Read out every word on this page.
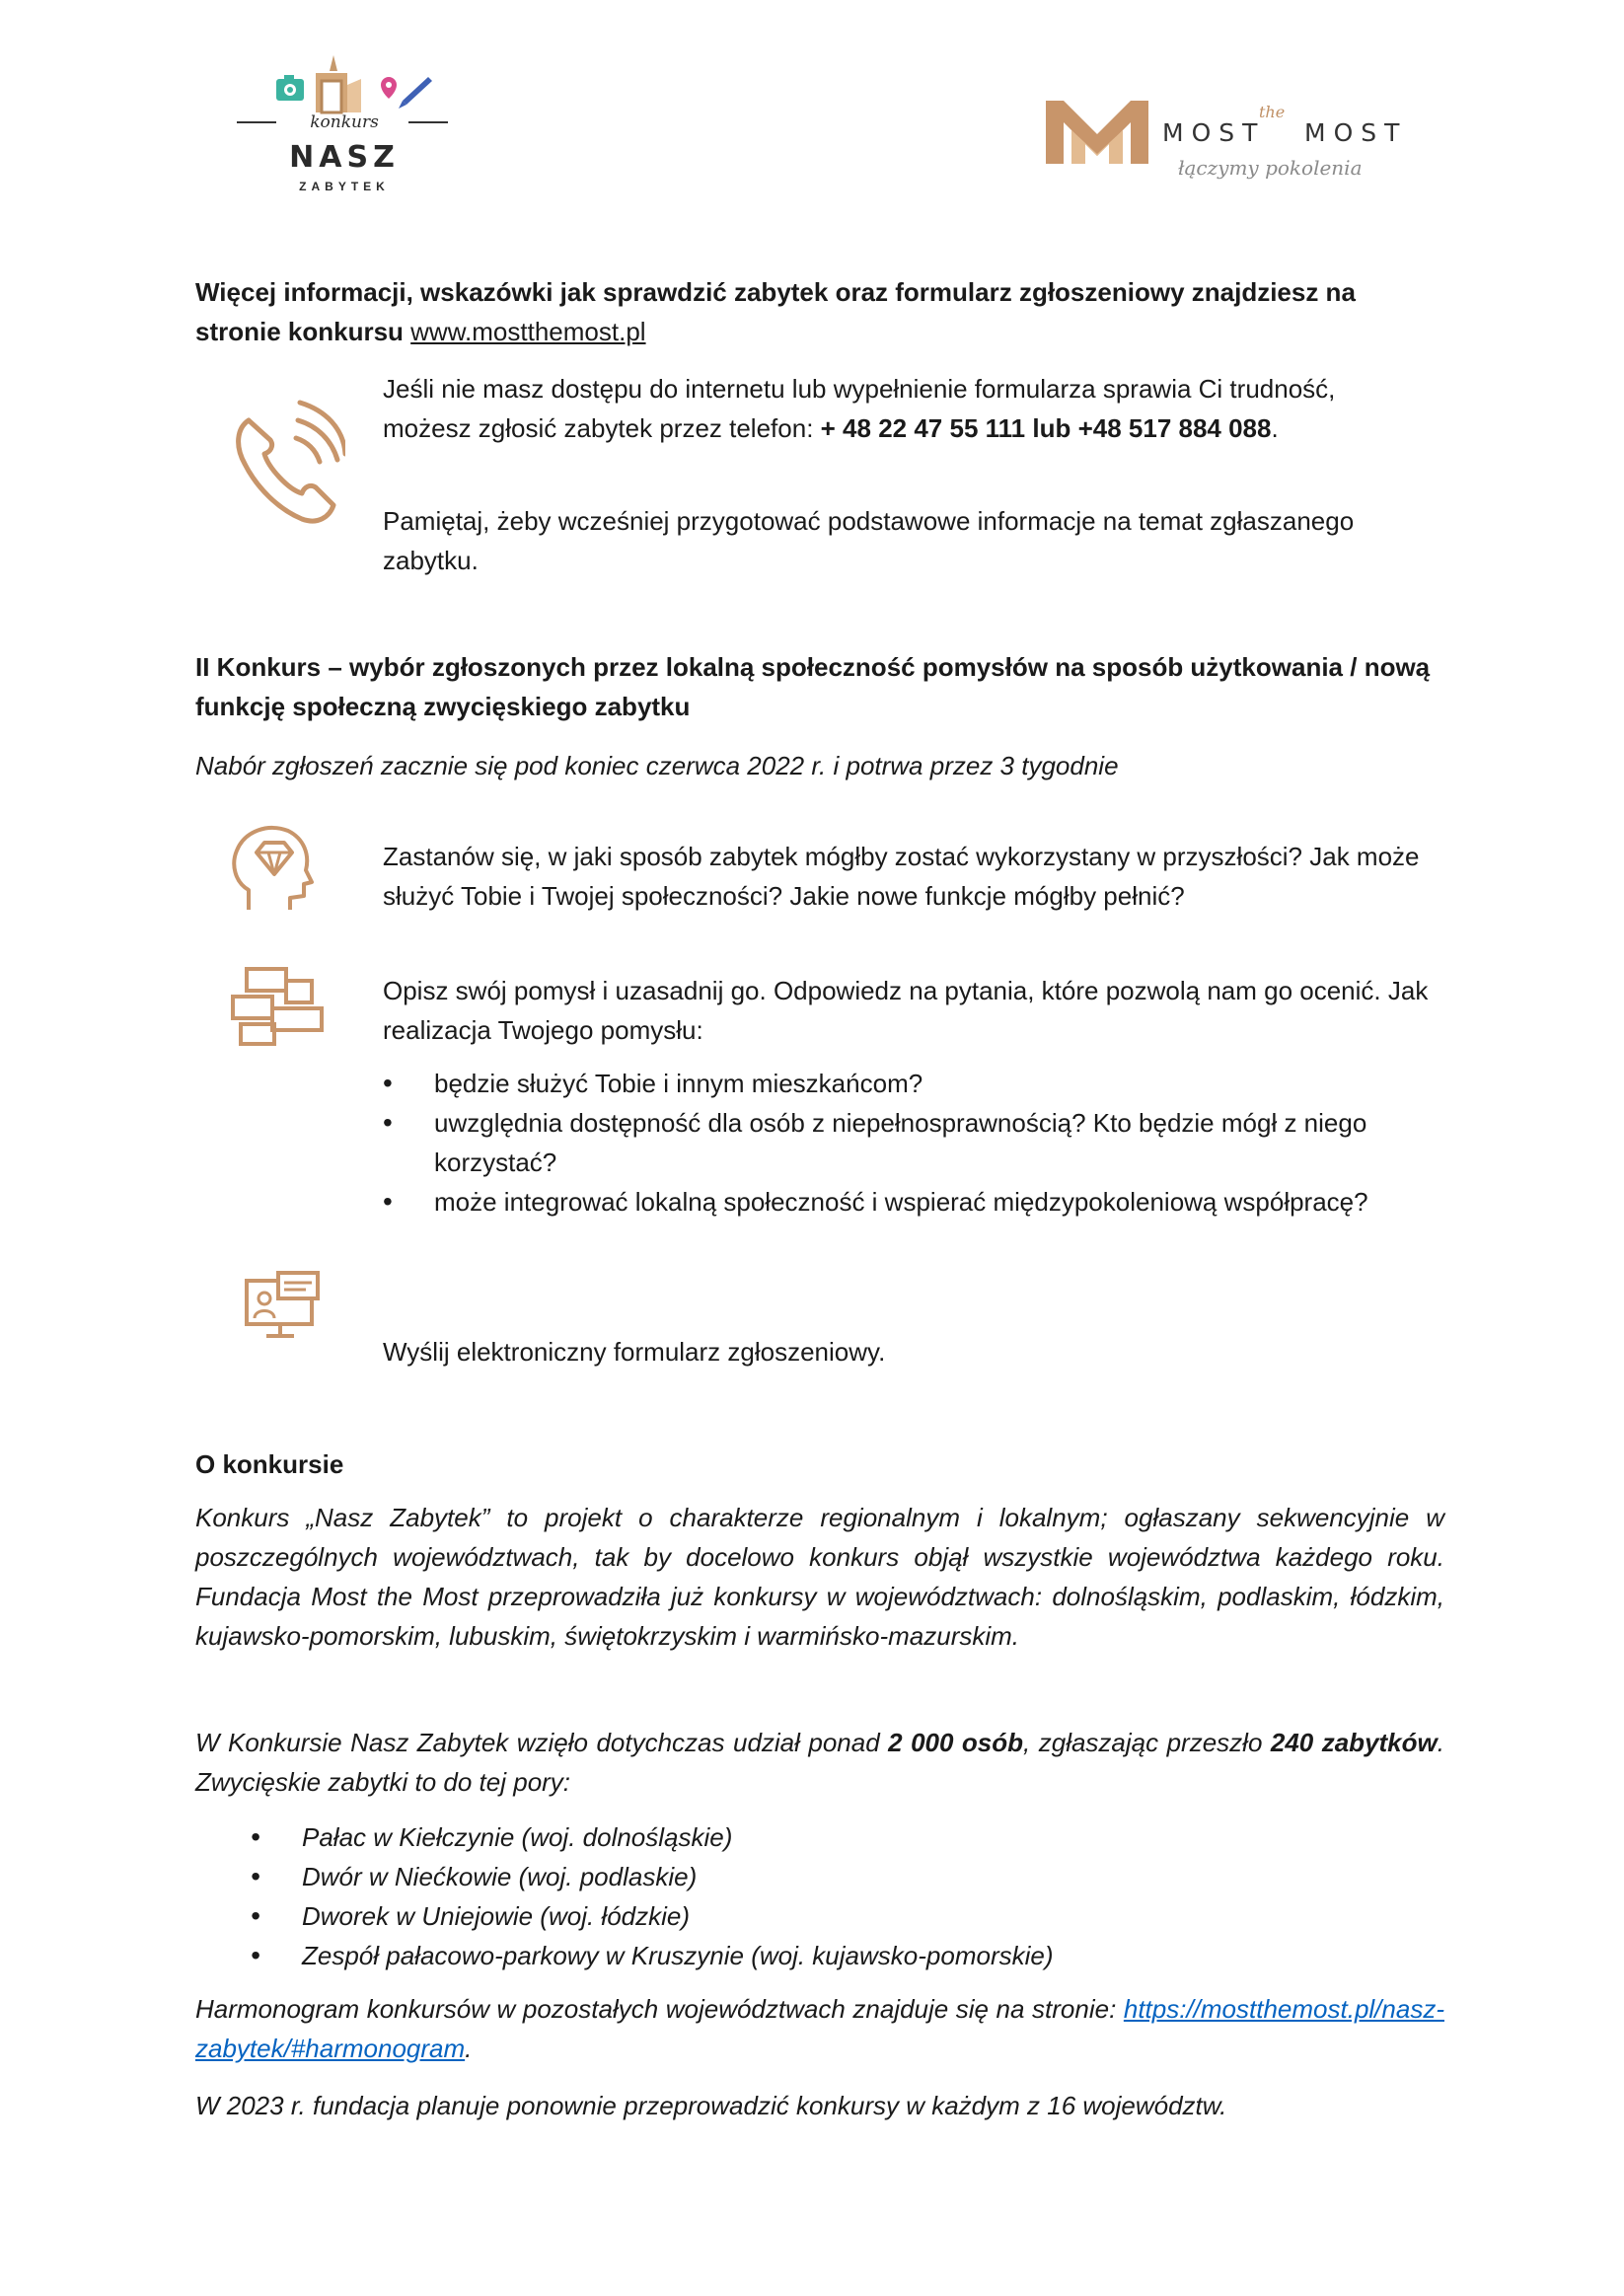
konkurs
NASZ
ZABYTEK
MOST
the
MOST
łączymy pokolenia
Więcej informacji, wskazówki jak sprawdzić zabytek oraz formularz zgłoszeniowy znajdziesz na stronie konkursu www.mostthemost.pl
Jeśli nie masz dostępu do internetu lub wypełnienie formularza sprawia Ci trudność, możesz zgłosić zabytek przez telefon: + 48 22 47 55 111 lub +48 517 884 088.
Pamiętaj, żeby wcześniej przygotować podstawowe informacje na temat zgłaszanego zabytku.
II Konkurs – wybór zgłoszonych przez lokalną społeczność pomysłów na sposób użytkowania / nową funkcję społeczną zwycięskiego zabytku
Nabór zgłoszeń zacznie się pod koniec czerwca 2022 r. i potrwa przez 3 tygodnie
Zastanów się, w jaki sposób zabytek mógłby zostać wykorzystany w przyszłości? Jak może służyć Tobie i Twojej społeczności? Jakie nowe funkcje mógłby pełnić?
Opisz swój pomysł i uzasadnij go. Odpowiedz na pytania, które pozwolą nam go ocenić. Jak realizacja Twojego pomysłu:
• będzie służyć Tobie i innym mieszkańcom?
• uwzględnia dostępność dla osób z niepełnosprawnością? Kto będzie mógł z niego korzystać?
• może integrować lokalną społeczność i wspierać międzypokoleniową współpracę?
Wyślij elektroniczny formularz zgłoszeniowy.
O konkursie
Konkurs „Nasz Zabytek” to projekt o charakterze regionalnym i lokalnym; ogłaszany sekwencyjnie w poszczególnych województwach, tak by docelowo konkurs objął wszystkie województwa każdego roku. Fundacja Most the Most przeprowadziła już konkursy w województwach: dolnośląskim, podlaskim, łódzkim, kujawsko-pomorskim, lubuskim, świętokrzyskim i warmińsko-mazurskim.
W Konkursie Nasz Zabytek wzięło dotychczas udział ponad 2 000 osób, zgłaszając przeszło 240 zabytków. Zwycięskie zabytki to do tej pory:
• Pałac w Kiełczynie (woj. dolnośląskie)
• Dwór w Niećkowie (woj. podlaskie)
• Dworek w Uniejowie (woj. łódzkie)
• Zespół pałacowo-parkowy w Kruszynie (woj. kujawsko-pomorskie)
Harmonogram konkursów w pozostałych województwach znajduje się na stronie: https://mostthemost.pl/nasz-zabytek/#harmonogram.
W 2023 r. fundacja planuje ponownie przeprowadzić konkursy w każdym z 16 województw.
